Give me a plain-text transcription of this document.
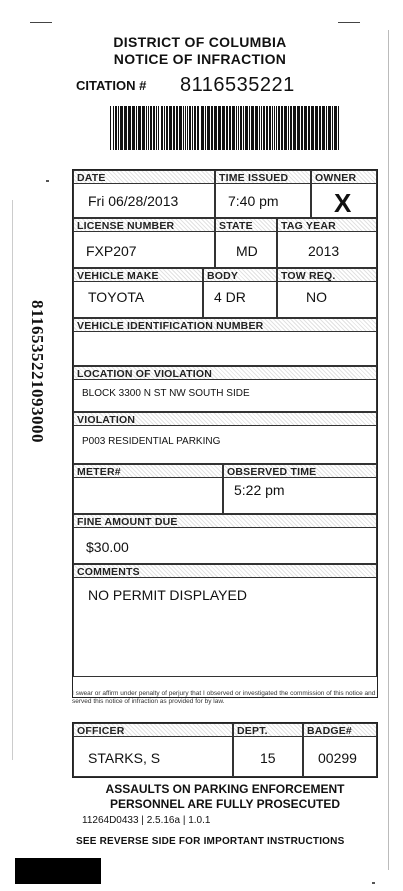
DISTRICT OF COLUMBIA
NOTICE OF INFRACTION
CITATION # 8116535221
8116535221093000
DATE
Fri 06/28/2013
TIME ISSUED
7:40 pm
OWNER
X
LICENSE NUMBER
FXP207
STATE
MD
TAG YEAR
2013
VEHICLE MAKE
TOYOTA
BODY
4 DR
TOW REQ.
NO
VEHICLE IDENTIFICATION NUMBER
LOCATION OF VIOLATION
BLOCK 3300 N ST NW SOUTH SIDE
VIOLATION
P003 RESIDENTIAL PARKING
METER#	OBSERVED TIME
5:22 pm
FINE AMOUNT DUE
$30.00
COMMENTS
NO PERMIT DISPLAYED
I swear or affirm under penalty of perjury that I observed or investigated the commission of this notice and served this notice of infraction as provided for by law.
OFFICER
STARKS, S
DEPT.
15
BADGE#
00299
ASSAULTS ON PARKING ENFORCEMENT
PERSONNEL ARE FULLY PROSECUTED
11264D0433 | 2.5.16a | 1.0.1
SEE REVERSE SIDE FOR IMPORTANT INSTRUCTIONS
